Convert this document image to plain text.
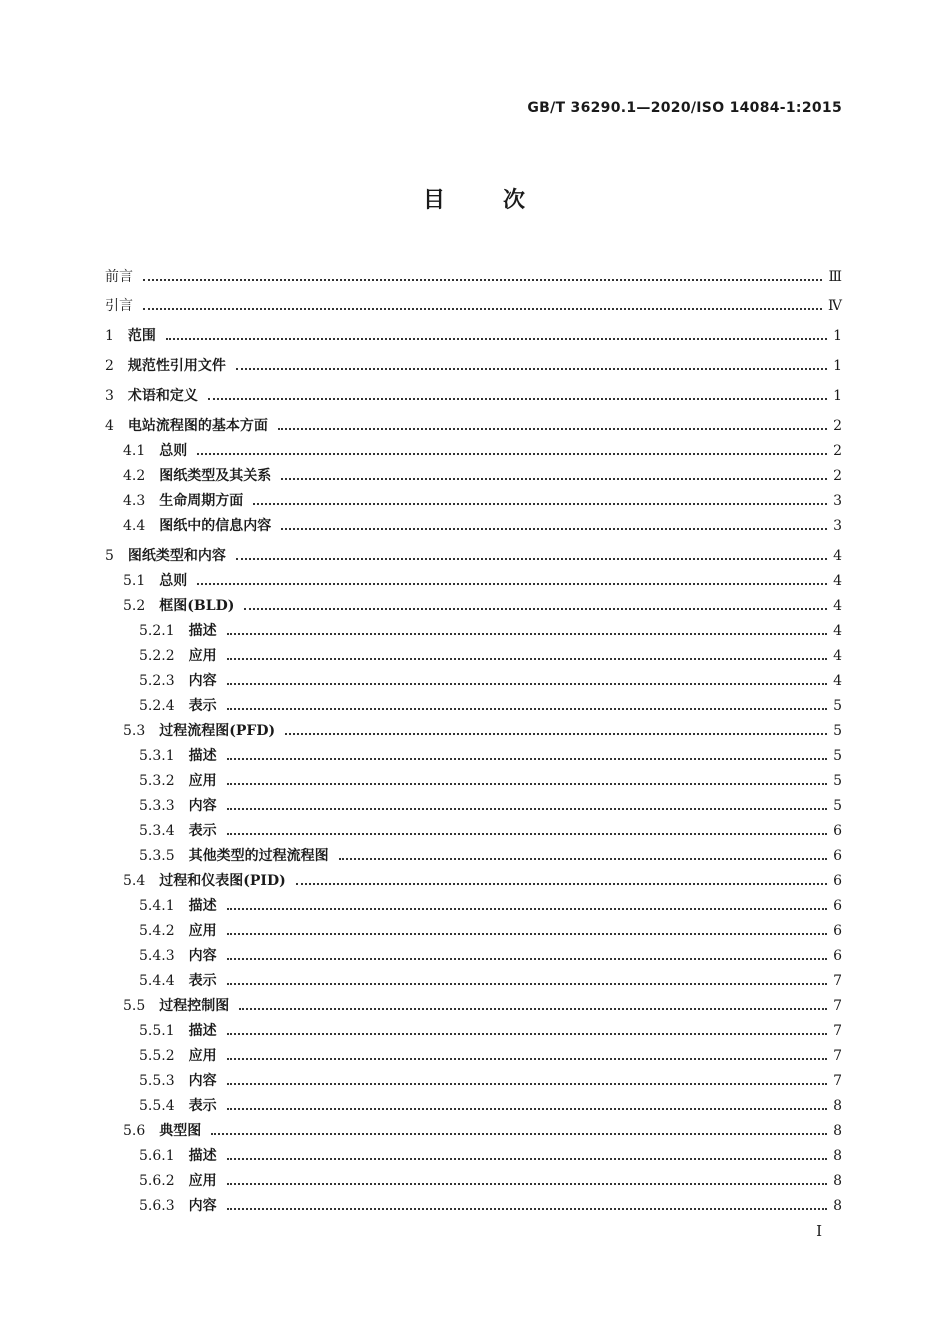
GB/T 36290.1—2020/ISO 14084-1:2015
目	次
前言	Ⅲ
引言	Ⅳ
1 范围	1
2 规范性引用文件	1
3 术语和定义	1
4 电站流程图的基本方面	2
4.1 总则	2
4.2 图纸类型及其关系	2
4.3 生命周期方面	3
4.4 图纸中的信息内容	3
5 图纸类型和内容	4
5.1 总则	4
5.2 框图(BLD)	4
5.2.1 描述	4
5.2.2 应用	4
5.2.3 内容	4
5.2.4 表示	5
5.3 过程流程图(PFD)	5
5.3.1 描述	5
5.3.2 应用	5
5.3.3 内容	5
5.3.4 表示	6
5.3.5 其他类型的过程流程图	6
5.4 过程和仪表图(PID)	6
5.4.1 描述	6
5.4.2 应用	6
5.4.3 内容	6
5.4.4 表示	7
5.5 过程控制图	7
5.5.1 描述	7
5.5.2 应用	7
5.5.3 内容	7
5.5.4 表示	8
5.6 典型图	8
5.6.1 描述	8
5.6.2 应用	8
5.6.3 内容	8
I
